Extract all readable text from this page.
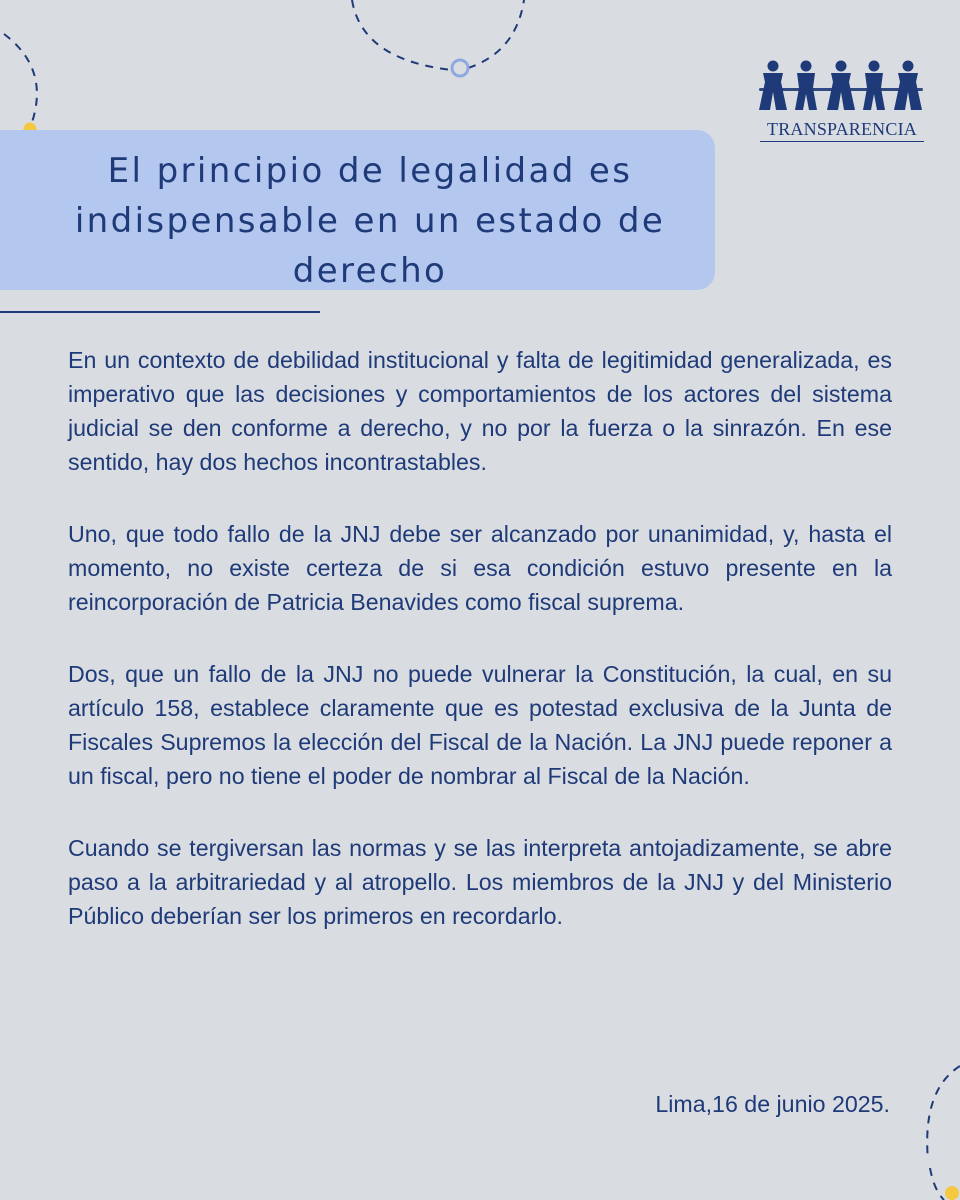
TRANSPARENCIA
El principio de legalidad es indispensable en un estado de derecho

En un contexto de debilidad institucional y falta de legitimidad generalizada, es imperativo que las decisiones y comportamientos de los actores del sistema judicial se den conforme a derecho, y no por la fuerza o la sinrazón. En ese sentido, hay dos hechos incontrastables.

Uno, que todo fallo de la JNJ debe ser alcanzado por unanimidad, y, hasta el momento, no existe certeza de si esa condición estuvo presente en la reincorporación de Patricia Benavides como fiscal suprema.

Dos, que un fallo de la JNJ no puede vulnerar la Constitución, la cual, en su artículo 158, establece claramente que es potestad exclusiva de la Junta de Fiscales Supremos la elección del Fiscal de la Nación. La JNJ puede reponer a un fiscal, pero no tiene el poder de nombrar al Fiscal de la Nación.

Cuando se tergiversan las normas y se las interpreta antojadizamente, se abre paso a la arbitrariedad y al atropello. Los miembros de la JNJ y del Ministerio Público deberían ser los primeros en recordarlo.

Lima,16 de junio 2025.
